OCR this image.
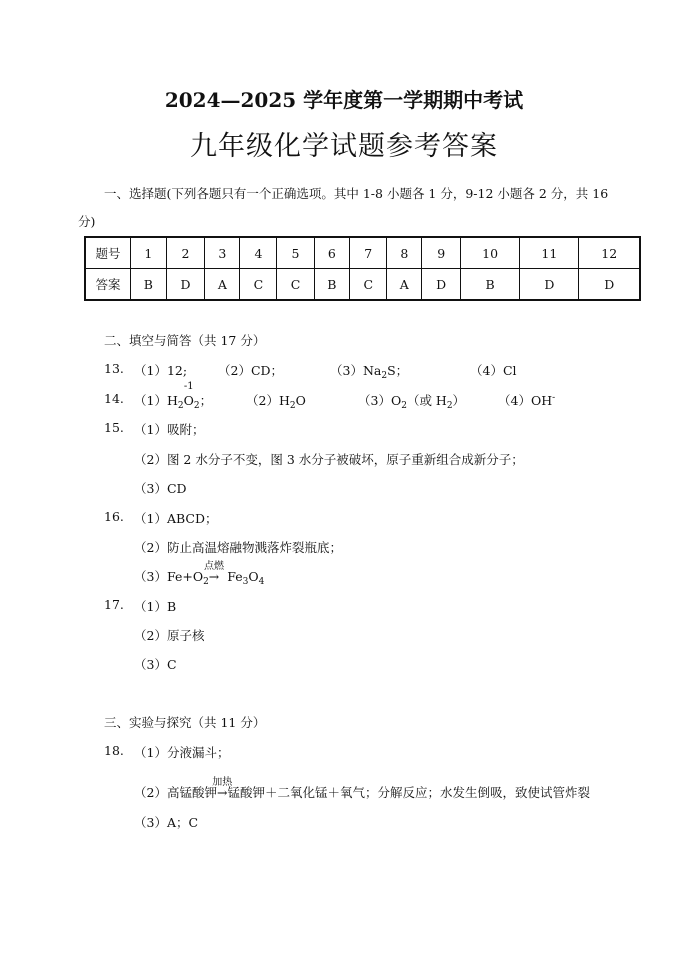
2024—2025 学年度第一学期期中考试
九年级化学试题参考答案
一、选择题(下列各题只有一个正确选项。其中 1-8 小题各 1 分，9-12 小题各 2 分，共 16
分)
题号	1	2	3	4	5	6	7	8	9	10	11	12
答案	B	D	A	C	C	B	C	A	D	B	D	D
二、填空与简答（共 17 分）
13. （1）12; （2）CD；	$(3)Na_2S$；	（4）Cl
14. $(1)H_2$
-1
$O_2$；	$(2)H_2O$	$(3)O_2$（或 $H_2$）	（4）OH-
15. （1）吸附；
（2）图 2 水分子不变，图 3 水分子被破坏，原子重新组合成新分子；
（3）CD
16. （1）ABCD；
（2）防止高温熔融物溅落炸裂瓶底；
$(3)Fe+O_2$
点燃
→ $Fe_3O_4$
17. （1）B
（2）原子核
（3）C
三、实验与探究（共 11 分）
18. （1）分液漏斗；
（2）高锰酸钾
加热
→锰酸钾＋二氧化锰＋氧气；分解反应；水发生倒吸，致使试管炸裂
（3）A；C
